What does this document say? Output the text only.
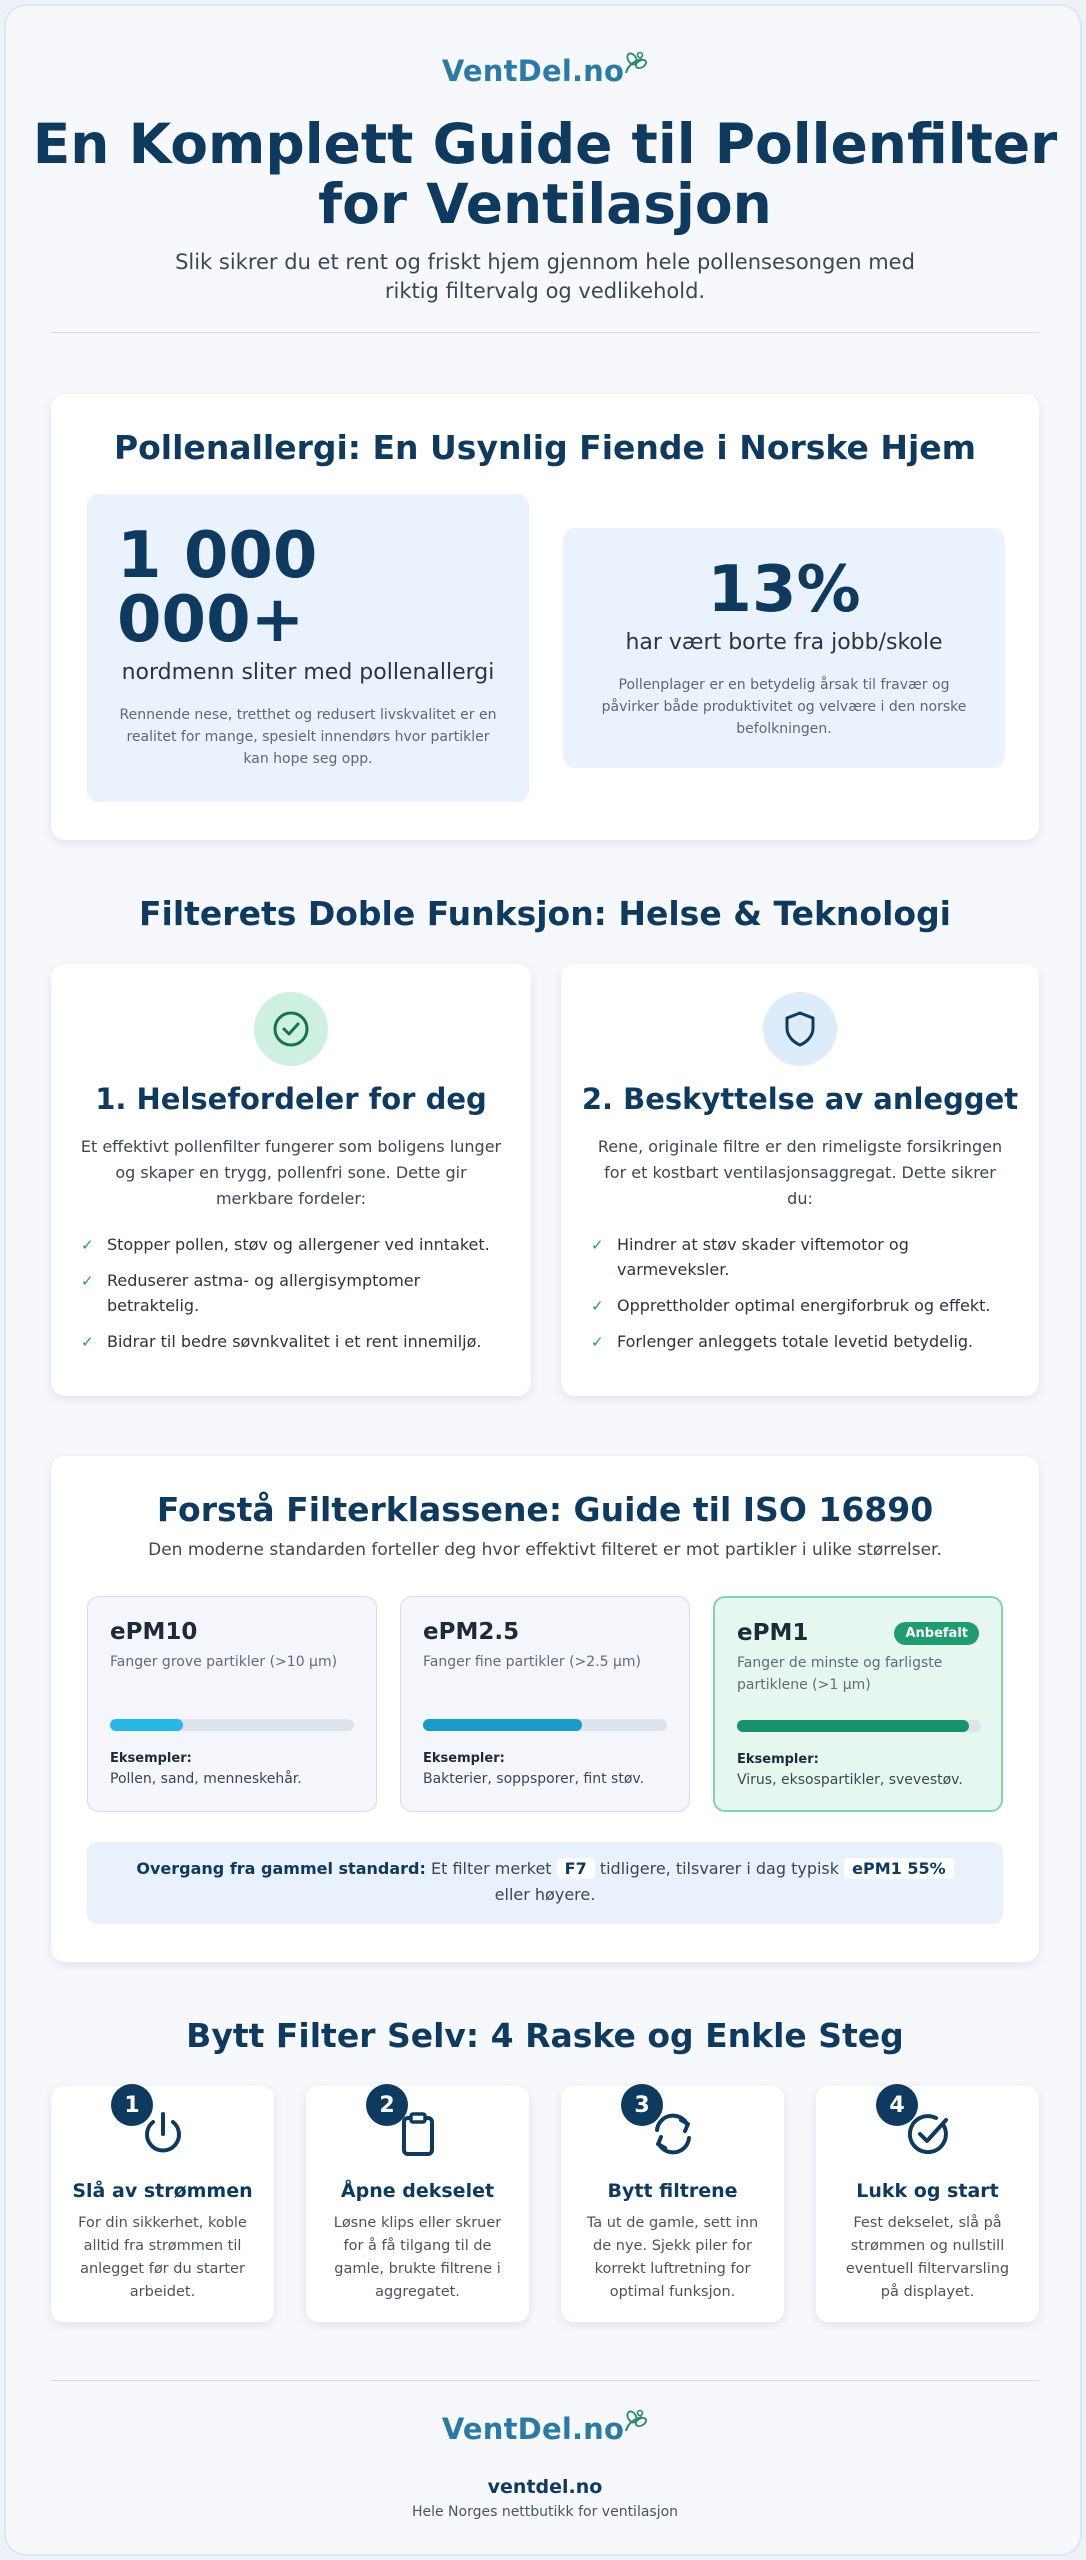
VentDel.no
En Komplett Guide til Pollenfilter for Ventilasjon
Slik sikrer du et rent og friskt hjem gjennom hele pollensesongen med riktig filtervalg og vedlikehold.
Pollenallergi: En Usynlig Fiende i Norske Hjem
1 000
000+
nordmenn sliter med pollenallergi
Rennende nese, tretthet og redusert livskvalitet er en realitet for mange, spesielt innendørs hvor partikler kan hope seg opp.
13%
har vært borte fra jobb/skole
Pollenplager er en betydelig årsak til fravær og påvirker både produktivitet og velvære i den norske befolkningen.
Filterets Doble Funksjon: Helse & Teknologi
1. Helsefordeler for deg
Et effektivt pollenfilter fungerer som boligens lunger og skaper en trygg, pollenfri sone. Dette gir merkbare fordeler:
✓ Stopper pollen, støv og allergener ved inntaket.
✓ Reduserer astma- og allergisymptomer betraktelig.
✓ Bidrar til bedre søvnkvalitet i et rent innemiljø.
2. Beskyttelse av anlegget
Rene, originale filtre er den rimeligste forsikringen for et kostbart ventilasjonsaggregat. Dette sikrer du:
✓ Hindrer at støv skader viftemotor og varmeveksler.
✓ Opprettholder optimal energiforbruk og effekt.
✓ Forlenger anleggets totale levetid betydelig.
Forstå Filterklassene: Guide til ISO 16890
Den moderne standarden forteller deg hvor effektivt filteret er mot partikler i ulike størrelser.
ePM10
Fanger grove partikler (>10 µm)
Eksempler:
Pollen, sand, menneskehår.
ePM2.5
Fanger fine partikler (>2.5 µm)
Eksempler:
Bakterier, soppsporer, fint støv.
ePM1	Anbefalt
Fanger de minste og farligste partiklene (>1 µm)
Eksempler:
Virus, eksospartikler, svevestøv.
Overgang fra gammel standard: Et filter merket F7 tidligere, tilsvarer i dag typisk ePM1 55% eller høyere.
Bytt Filter Selv: 4 Raske og Enkle Steg
1
Slå av strømmen
For din sikkerhet, koble alltid fra strømmen til anlegget før du starter arbeidet.
2
Åpne dekselet
Løsne klips eller skruer for å få tilgang til de gamle, brukte filtrene i aggregatet.
3
Bytt filtrene
Ta ut de gamle, sett inn de nye. Sjekk piler for korrekt luftretning for optimal funksjon.
4
Lukk og start
Fest dekselet, slå på strømmen og nullstill eventuell filtervarsling på displayet.
VentDel.no
ventdel.no
Hele Norges nettbutikk for ventilasjon
